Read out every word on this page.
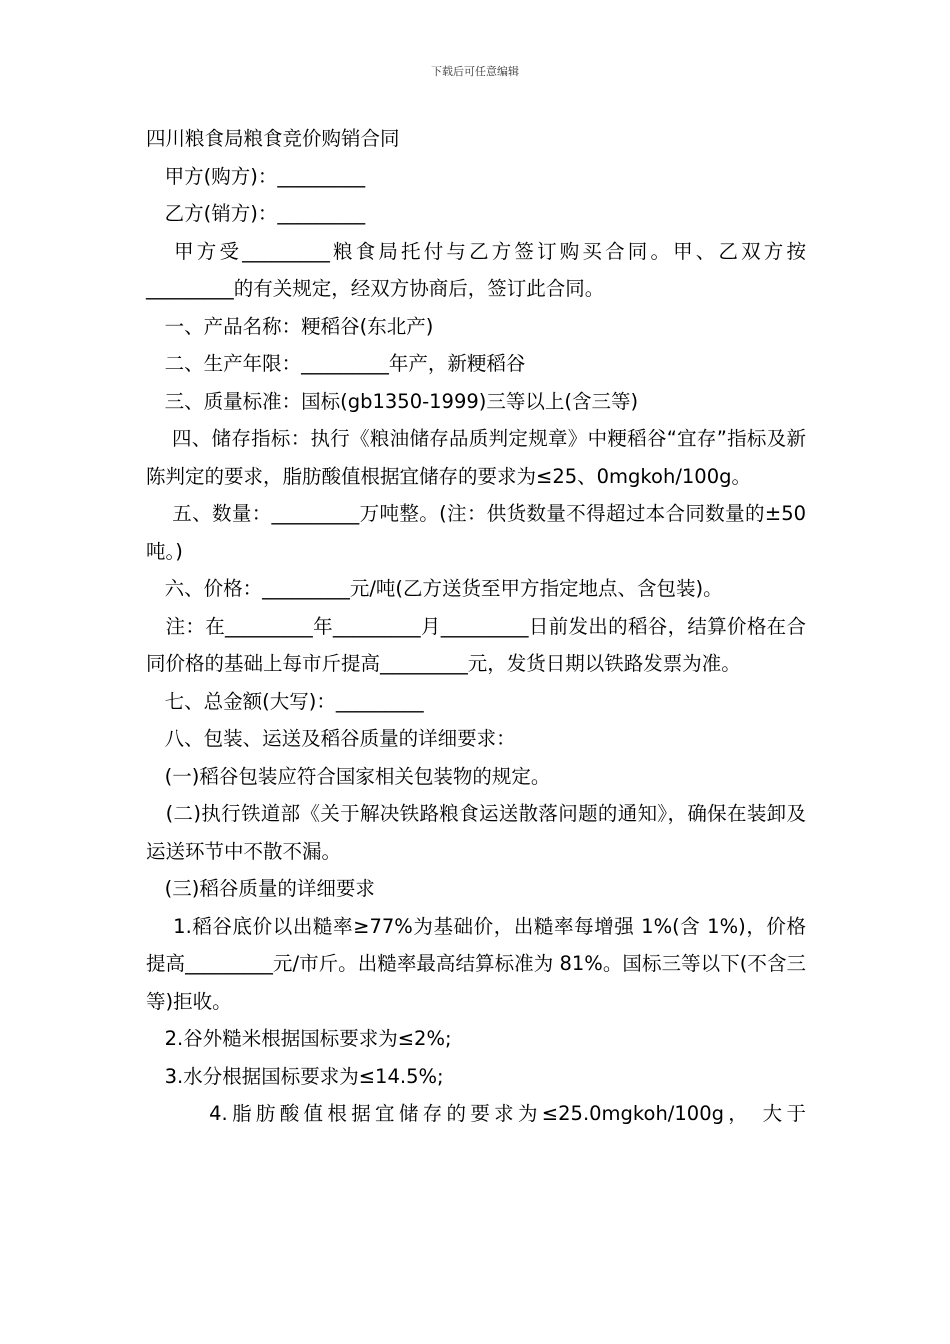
下载后可任意编辑

四川粮食局粮食竞价购销合同

甲方(购方)：_________

乙方(销方)：_________

甲方受_________粮食局托付与乙方签订购买合同。甲、乙双方按_________的有关规定，经双方协商后，签订此合同。

一、产品名称：粳稻谷(东北产)

二、生产年限：_________年产，新粳稻谷

三、质量标准：国标(gb1350-1999)三等以上(含三等)

四、储存指标：执行《粮油储存品质判定规章》中粳稻谷“宜存”指标及新陈判定的要求，脂肪酸值根据宜储存的要求为≤25、0mgkoh/100g。

五、数量：_________万吨整。(注：供货数量不得超过本合同数量的±50吨。)

六、价格：_________元/吨(乙方送货至甲方指定地点、含包装)。

注：在_________年_________月_________日前发出的稻谷，结算价格在合同价格的基础上每市斤提高_________元，发货日期以铁路发票为准。

七、总金额(大写)：_________

八、包装、运送及稻谷质量的详细要求：

(一)稻谷包装应符合国家相关包装物的规定。

(二)执行铁道部《关于解决铁路粮食运送散落问题的通知》，确保在装卸及运送环节中不散不漏。

(三)稻谷质量的详细要求

1.稻谷底价以出糙率≥77%为基础价，出糙率每增强 1%(含 1%)，价格提高_________元/市斤。出糙率最高结算标准为 81%。国标三等以下(不含三等)拒收。

2.谷外糙米根据国标要求为≤2%;

3.水分根据国标要求为≤14.5%;

4.脂肪酸值根据宜储存的要求为≤25.0mgkoh/100g， 大于
